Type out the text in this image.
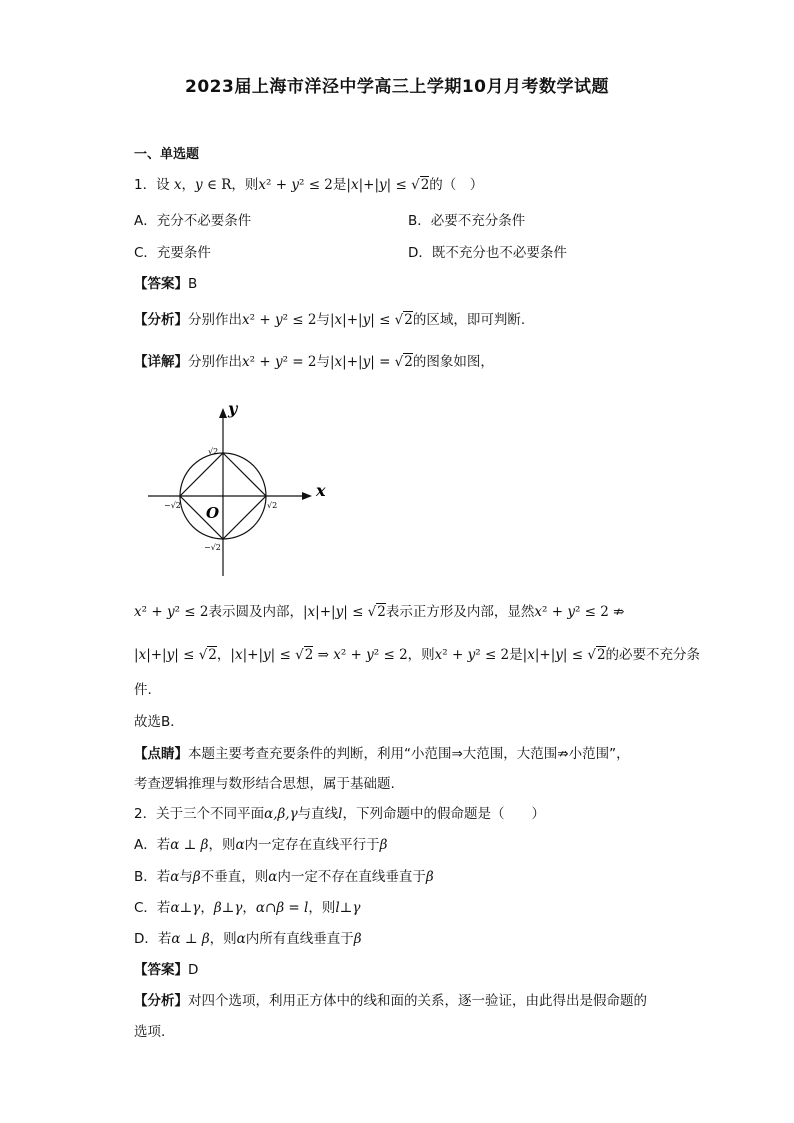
2023届上海市洋泾中学高三上学期10月月考数学试题
一、单选题
1．设 x，y ∈ R，则x² + y² ≤ 2是|x|+|y| ≤ √2的（　）
A．充分不必要条件	B．必要不充分条件
C．充要条件	D．既不充分也不必要条件
【答案】B
【分析】分别作出x² + y² ≤ 2与|x|+|y| ≤ √2的区域，即可判断.
【详解】分别作出x² + y² = 2与|x|+|y| = √2的图象如图，
y
x
O
√2
−√2
−√2	√2
x² + y² ≤ 2表示圆及内部，|x|+|y| ≤ √2表示正方形及内部，显然x² + y² ≤ 2 ⇏
|x|+|y| ≤ √2，|x|+|y| ≤ √2 ⇒ x² + y² ≤ 2，则x² + y² ≤ 2是|x|+|y| ≤ √2的必要不充分条
件.
故选B．
【点睛】本题主要考查充要条件的判断，利用“小范围⇒大范围，大范围⇏小范围”，
考查逻辑推理与数形结合思想，属于基础题.
2．关于三个不同平面α,β,γ与直线l，下列命题中的假命题是（　　）
A．若α ⊥ β，则α内一定存在直线平行于β
B．若α与β不垂直，则α内一定不存在直线垂直于β
C．若α⊥γ，β⊥γ，α∩β = l，则l⊥γ
D．若α ⊥ β，则α内所有直线垂直于β
【答案】D
【分析】对四个选项，利用正方体中的线和面的关系，逐一验证，由此得出是假命题的
选项.
